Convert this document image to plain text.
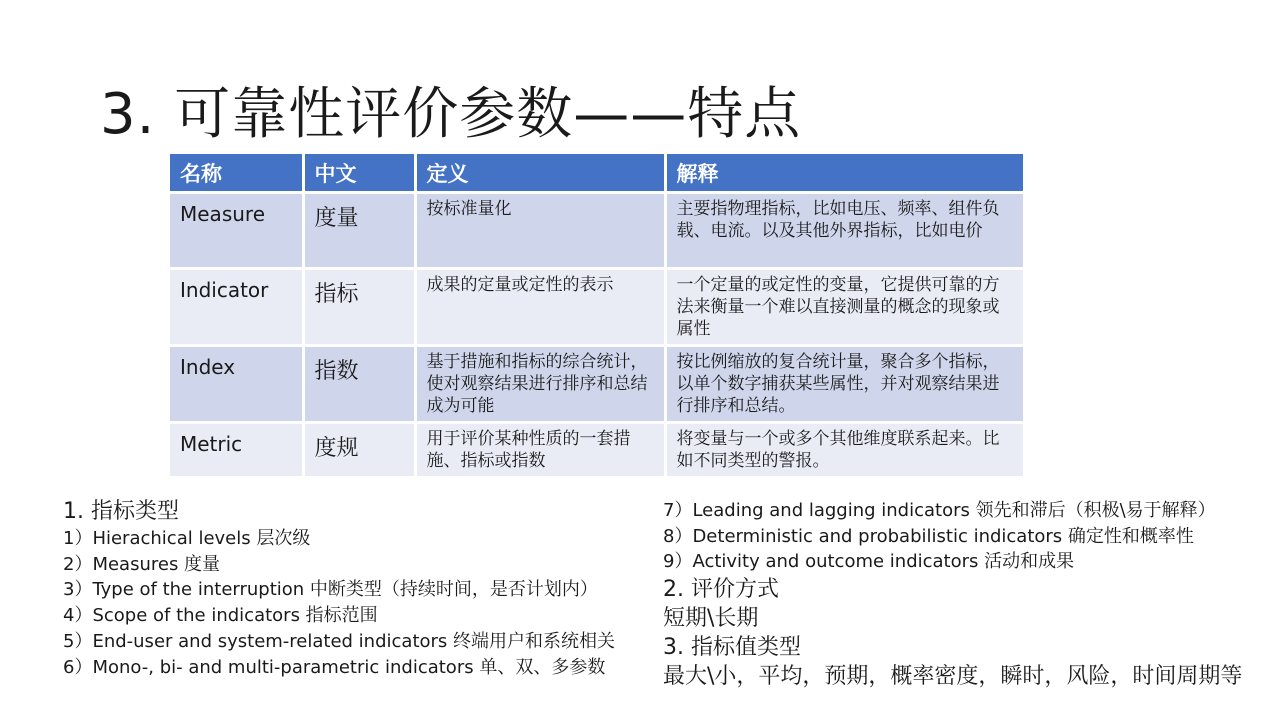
3. 可靠性评价参数——特点
名称	中文	定义	解释
Measure	度量	按标准量化	主要指物理指标，比如电压、频率、组件负载、电流。以及其他外界指标，比如电价
Indicator	指标	成果的定量或定性的表示	一个定量的或定性的变量，它提供可靠的方法来衡量一个难以直接测量的概念的现象或属性
Index	指数	基于措施和指标的综合统计，使对观察结果进行排序和总结成为可能	按比例缩放的复合统计量，聚合多个指标，以单个数字捕获某些属性，并对观察结果进行排序和总结。
Metric	度规	用于评价某种性质的一套措施、指标或指数	将变量与一个或多个其他维度联系起来。比如不同类型的警报。
1. 指标类型
1）Hierachical levels 层次级
2）Measures 度量
3）Type of the interruption 中断类型（持续时间，是否计划内）
4）Scope of the indicators 指标范围
5）End-user and system-related indicators 终端用户和系统相关
6）Mono-, bi- and multi-parametric indicators 单、双、多参数
7）Leading and lagging indicators 领先和滞后（积极\易于解释）
8）Deterministic and probabilistic indicators 确定性和概率性
9）Activity and outcome indicators 活动和成果
2. 评价方式
短期\长期
3. 指标值类型
最大\小，平均，预期，概率密度，瞬时，风险，时间周期等
